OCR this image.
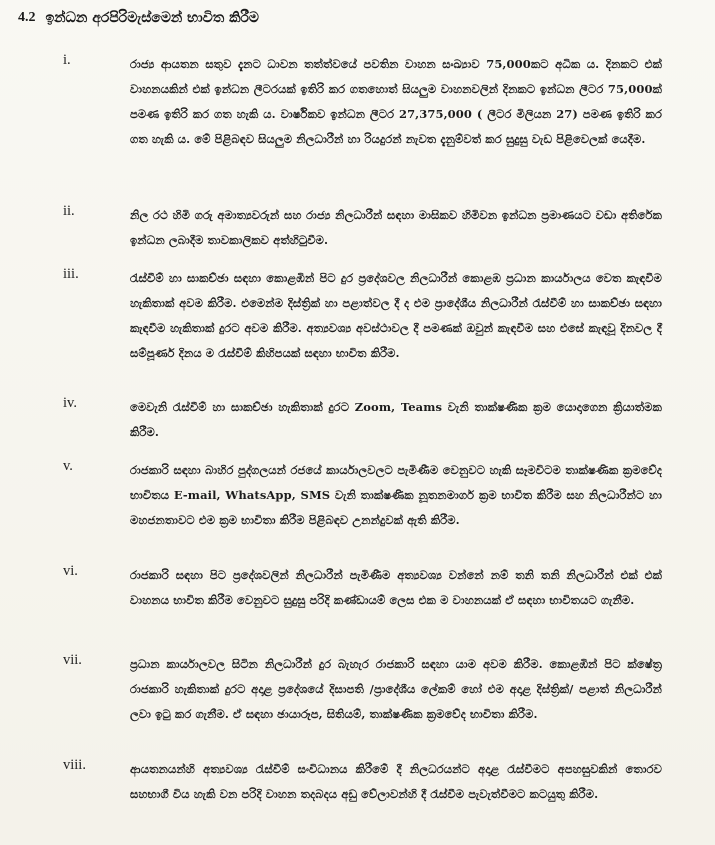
4.2 ඉන්ධන අරපිරිමැස්මෙන් භාවිත කිරීම
i.	රාජ්‍ය ආයතන සතුව දැනට ධාවන තත්ත්වයේ පවතින වාහන සංඛ්‍යාව 75,000කට අධික ය. දිනකට එක් වාහනයකින් එක් ඉන්ධන ලීටරයක් ඉතිරි කර ගතහොත් සියලුම වාහනවලින් දිනකට ඉන්ධන ලීටර 75,000ක් පමණ ඉතිරි කර ගත හැකි ය. වාර්ෂිකව ඉන්ධන ලීටර 27,375,000 ( ලීටර මිලියන 27) පමණ ඉතිරි කර ගත හැකි ය. මේ පිළිබඳව සියලුම නිලධාරීන් හා රියදුරන් නැවත දැනුම්වත් කර සුදුසු වැඩ පිළිවෙලක් යෙදීම.
ii.	නිල රථ හිමි ගරු අමාත්‍යවරුන් සහ රාජ්‍ය නිලධාරීන් සඳහා මාසිකව හිමිවන ඉන්ධන ප්‍රමාණයට වඩා අතිරේක ඉන්ධන ලබාදීම තාවකාලිකව අත්හිටුවීම.
iii.	රැස්වීම් හා සාකච්ඡා සඳහා කොළඹින් පිට දුර ප්‍රදේශවල නිලධාරීන් කොළඹ ප්‍රධාන කාර්යාලය වෙත කැඳවීම හැකිතාක් අවම කිරීම. එමෙන්ම දිස්ත්‍රික් හා පළාත්වල දී ද එම ප්‍රාදේශීය නිලධාරීන් රැස්වීම් හා සාකච්ඡා සඳහා කැඳවීම හැකිතාක් දුරට අවම කිරීම. අත්‍යවශ්‍ය අවස්ථාවල දී පමණක් ඔවුන් කැඳවීම සහ එසේ කැඳවූ දිනවල දී සම්පූර්ණ දිනය ම රැස්වීම් කිහිපයක් සඳහා භාවිත කිරීම.
iv.	මෙවැනි රැස්වීම් හා සාකච්ඡා හැකිතාක් දුරට Zoom, Teams වැනි තාක්ෂණික ක්‍රම යොදාගෙන ක්‍රියාත්මක කිරීම.
v.	රාජකාරි සඳහා බාහිර පුද්ගලයන් රජයේ කාර්යාලවලට පැමිණීම වෙනුවට හැකි සෑමවිටම තාක්ෂණික ක්‍රමවේද භාවිතය E-mail, WhatsApp, SMS වැනි තාක්ෂණික නූතනමාර්ග ක්‍රම භාවිත කිරීම සහ නිලධාරීන්ට හා මහජනතාවට එම ක්‍රම භාවිතා කිරීම පිළිබඳව උනන්දුවක් ඇති කිරීම.
vi.	රාජකාරි සඳහා පිට ප්‍රදේශවලින් නිලධාරීන් පැමිණීම අත්‍යවශ්‍ය වන්නේ නම් තනි තනි නිලධාරීන් එක් එක් වාහනය භාවිත කිරීම වෙනුවට සුදුසු පරිදි කණ්ඩායම් ලෙස එක ම වාහනයක් ඒ සඳහා භාවිතයට ගැනීම.
vii.	ප්‍රධාන කාර්යාලවල සිටින නිලධාරීන් දුර බැහැර රාජකාරි සඳහා යාම අවම කිරීම. කොළඹින් පිට ක්ෂේත්‍ර රාජකාරි හැකිතාක් දුරට අදාළ ප්‍රදේශයේ දිසාපති /ප්‍රාදේශීය ලේකම් හෝ එම අදාළ දිස්ත්‍රික්/ පළාත් නිලධාරීන් ලවා ඉටු කර ගැනීම. ඒ සඳහා ඡායාරූප, සිතියම්, තාක්ෂණික ක්‍රමවේද භාවිතා කිරීම.
viii.	ආයතනයන්හි අත්‍යවශ්‍ය රැස්වීම් සංවිධානය කිරීමේ දී නිලධරයන්ට අදාළ රැස්වීමට අපහසුවකින් තොරව සහභාගී විය හැකි වන පරිදි වාහන තදබදය අඩු වේලාවන්හි දී රැස්වීම පැවැත්වීමට කටයුතු කිරීම.
